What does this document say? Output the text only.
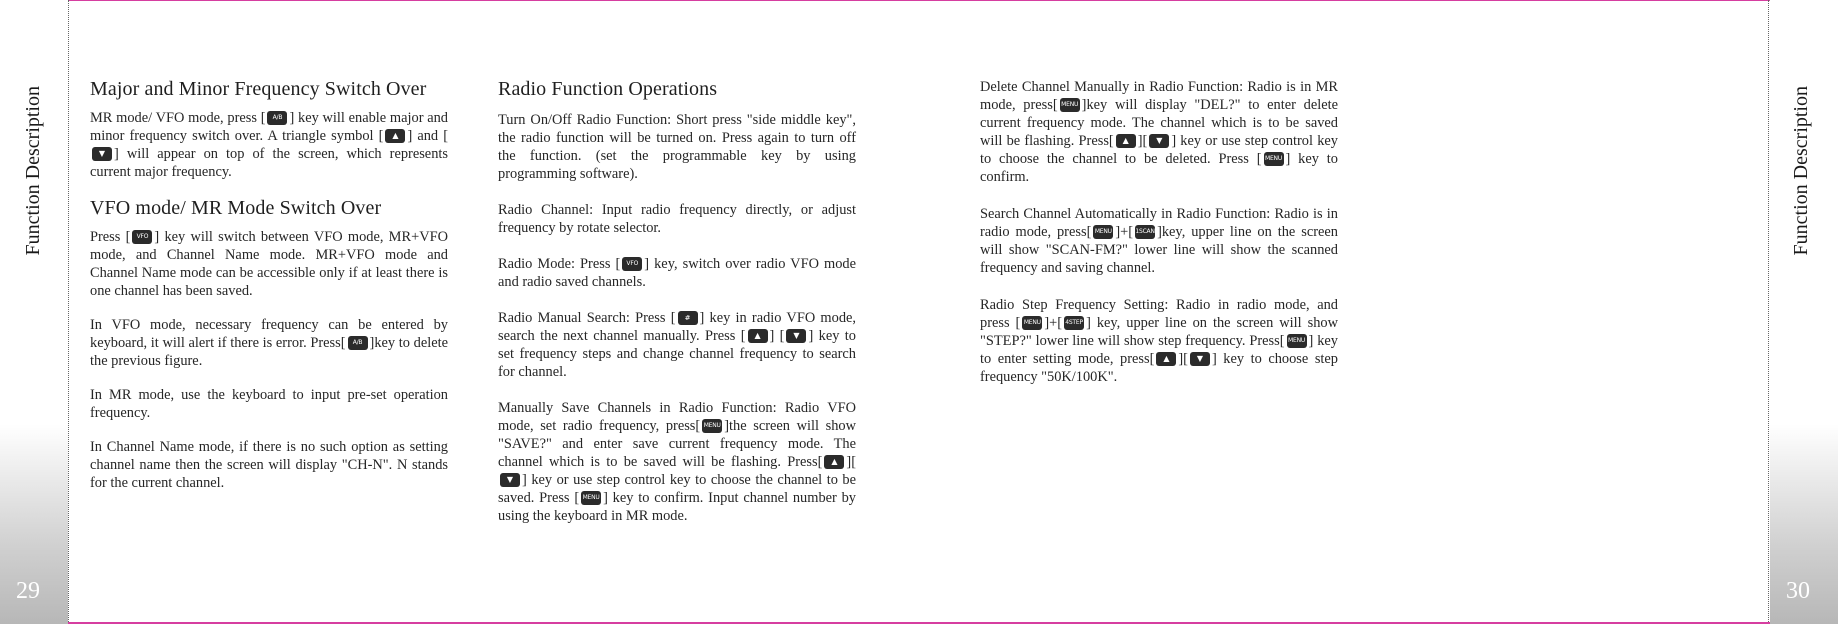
Function Description	Function Description
29	30
Major and Minor Frequency Switch Over

MR mode/ VFO mode, press [ A/B ] key will enable major and minor frequency switch over. A triangle symbol [ ▲ ] and [▼ ] will appear on top of the screen, which represents current major frequency.

VFO mode/ MR Mode Switch Over

Press [ VFO ] key will switch between VFO mode, MR+VFO mode, and Channel Name mode. MR+VFO mode and Channel Name mode can be accessible only if at least there is one channel has been saved.

In VFO mode, necessary frequency can be entered by keyboard, it will alert if there is error. Press[ A/B ]key to delete the previous figure.

In MR mode, use the keyboard to input pre-set operation frequency.

In Channel Name mode, if there is no such option as setting channel name then the screen will display "CH-N". N stands for the current channel.

Radio Function Operations

Turn On/Off Radio Function: Short press "side middle key", the radio function will be turned on. Press again to turn off the function. (set the programmable key by using programming software).

Radio Channel: Input radio frequency directly, or adjust frequency by rotate selector.

Radio Mode: Press [ VFO ] key, switch over radio VFO mode and radio saved channels.

Radio Manual Search: Press [ # ] key in radio VFO mode, search the next channel manually. Press [ ▲ ] [ ▼ ] key to set frequency steps and change channel frequency to search for channel.

Manually Save Channels in Radio Function: Radio VFO mode, set radio frequency, press[ MENU ]the screen will show "SAVE?" and enter save current frequency mode. The channel which is to be saved will be flashing. Press[ ▲ ][▼ ] key or use step control key to choose the channel to be saved. Press [ MENU ] key to confirm. Input channel number by using the keyboard in MR mode.

Delete Channel Manually in Radio Function: Radio is in MR mode, press[ MENU ]key will display "DEL?" to enter delete current frequency mode. The channel which is to be saved will be flashing. Press[ ▲ ][ ▼ ] key or use step control key to choose the channel to be deleted. Press [ MENU ] key to confirm.

Search Channel Automatically in Radio Function: Radio is in radio mode, press[ MENU ]+[ 1SCAN ]key, upper line on the screen will show "SCAN-FM?" lower line will show the scanned frequency and saving channel.

Radio Step Frequency Setting: Radio in radio mode, and press [ MENU ]+[ 4STEP ] key, upper line on the screen will show "STEP?" lower line will show step frequency. Press[ MENU ] key to enter setting mode, press[ ▲ ][ ▼ ] key to choose step frequency "50K/100K".
